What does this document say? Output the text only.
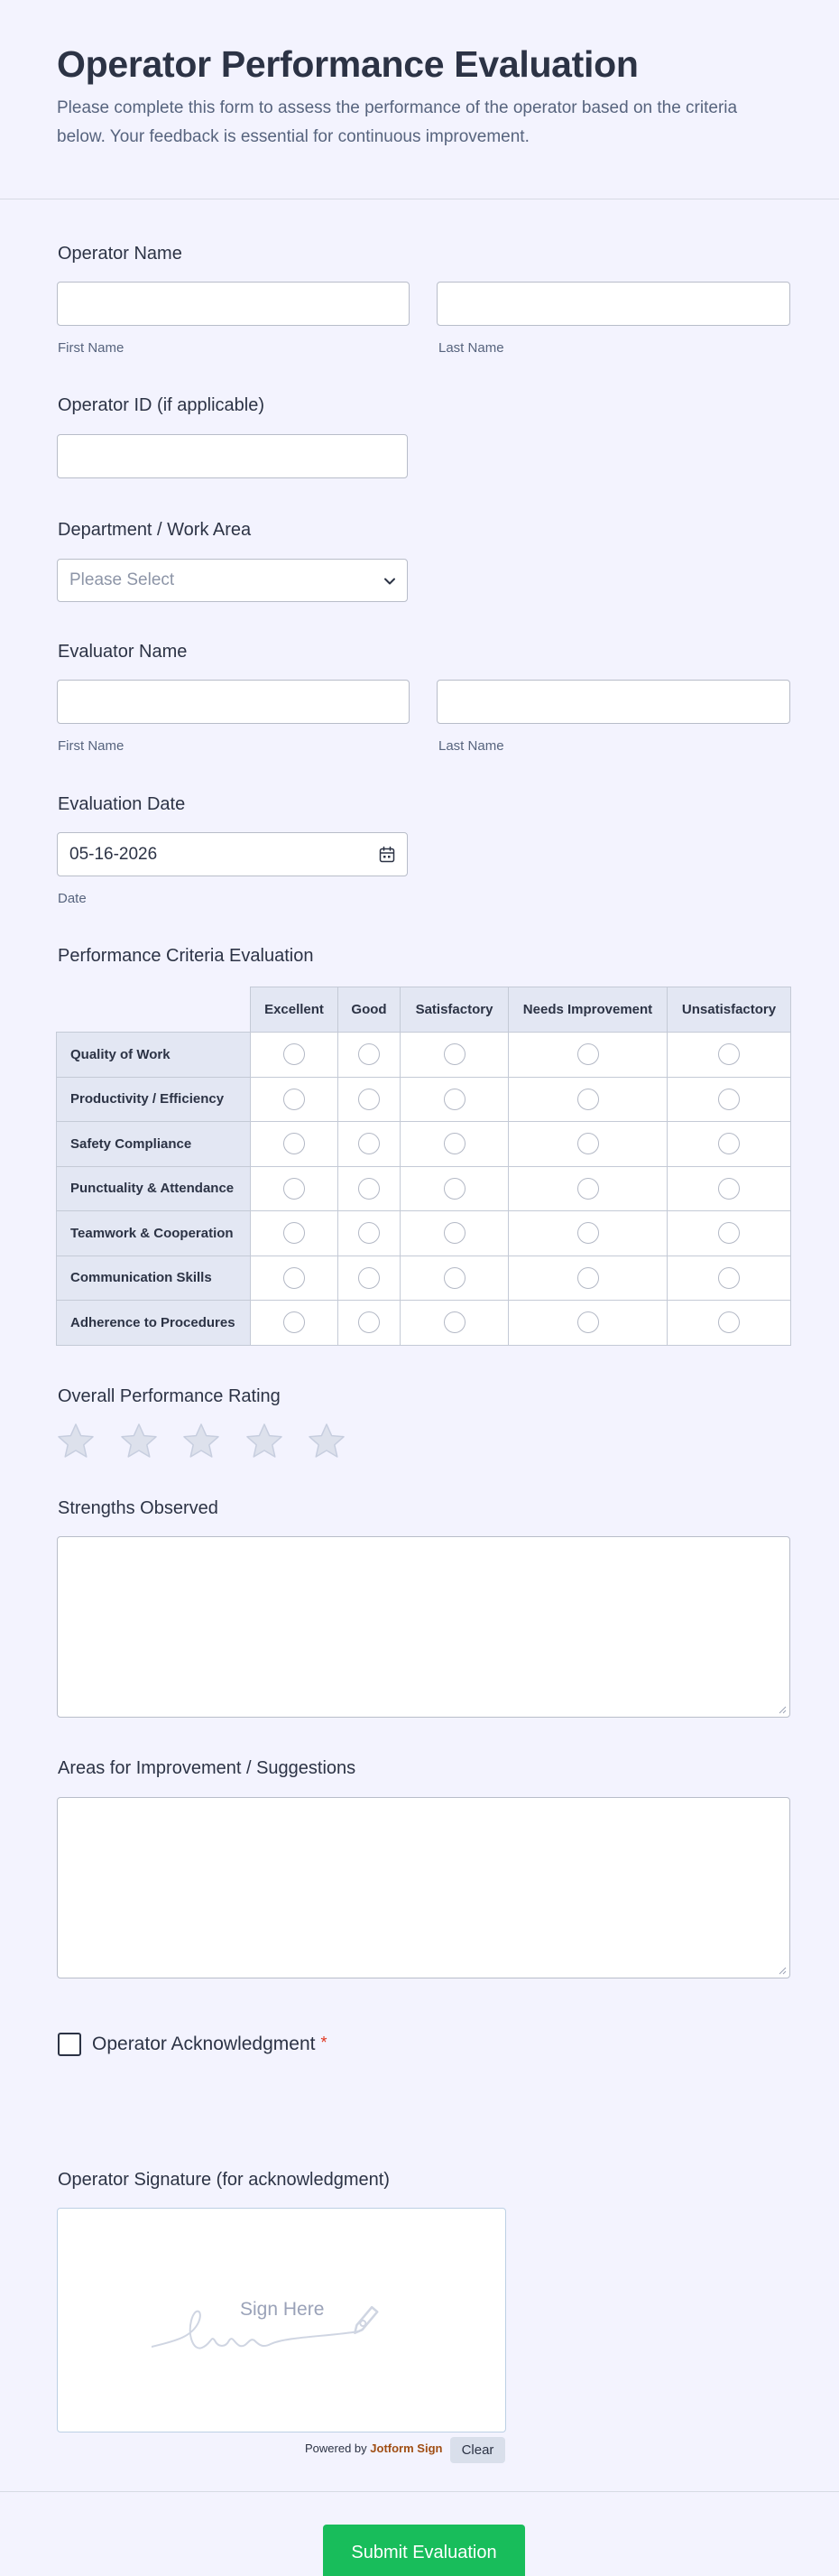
Operator Performance Evaluation

Please complete this form to assess the performance of the operator based on the criteria below. Your feedback is essential for continuous improvement.

Operator Name
First Name	Last Name
Operator ID (if applicable)
Department / Work Area
Please Select
Evaluator Name
First Name	Last Name
Evaluation Date
05-16-2026
Date
Performance Criteria Evaluation
	Excellent	Good	Satisfactory	Needs Improvement	Unsatisfactory
Quality of Work					
Productivity / Efficiency					
Safety Compliance					
Punctuality & Attendance					
Teamwork & Cooperation					
Communication Skills					
Adherence to Procedures					
Overall Performance Rating
Strengths Observed
Areas for Improvement / Suggestions
Operator Acknowledgment *
Operator Signature (for acknowledgment)
Sign Here
Powered by Jotform Sign	Clear
Submit Evaluation
